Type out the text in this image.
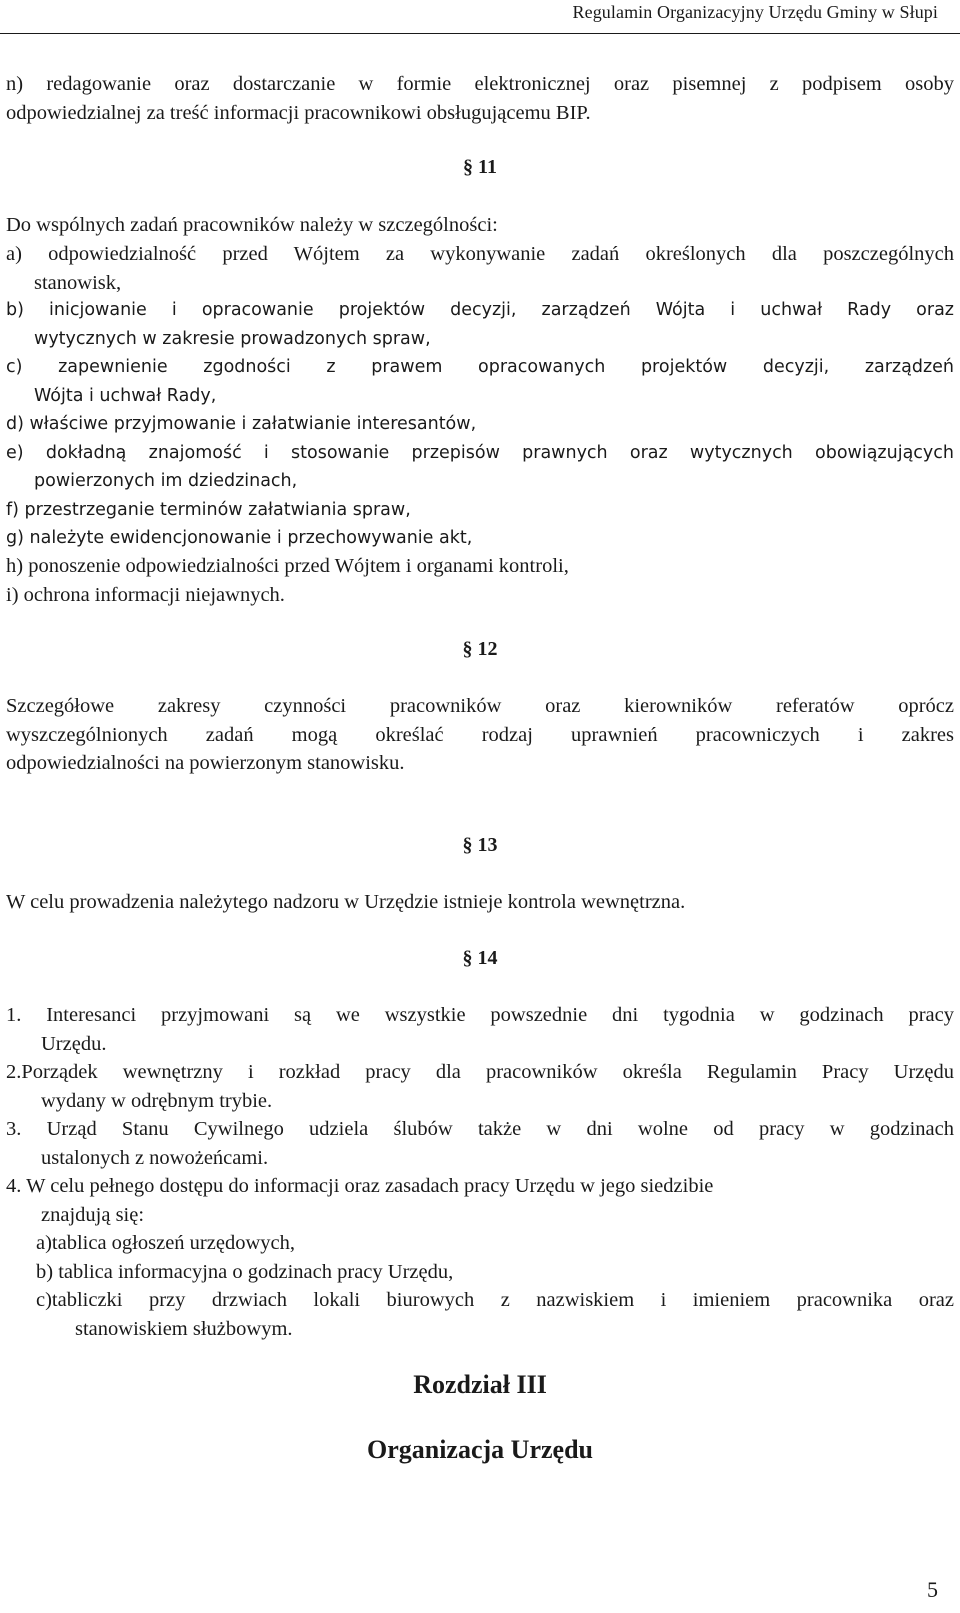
Regulamin Organizacyjny Urzędu Gminy w Słupi
n) redagowanie oraz dostarczanie w formie elektronicznej oraz pisemnej z podpisem osoby
odpowiedzialnej za treść informacji pracownikowi obsługującemu BIP.
§ 11
Do wspólnych zadań pracowników należy w szczególności:
a) odpowiedzialność przed Wójtem za wykonywanie zadań określonych dla poszczególnych
stanowisk,
b) inicjowanie i opracowanie projektów decyzji, zarządzeń Wójta i uchwał Rady oraz
wytycznych w zakresie prowadzonych spraw,
c) zapewnienie zgodności z prawem opracowanych projektów decyzji, zarządzeń
Wójta i uchwał Rady,
d) właściwe przyjmowanie i załatwianie interesantów,
e) dokładną znajomość i stosowanie przepisów prawnych oraz wytycznych obowiązujących
powierzonych im dziedzinach,
f) przestrzeganie terminów załatwiania spraw,
g) należyte ewidencjonowanie i przechowywanie akt,
h) ponoszenie odpowiedzialności przed Wójtem i organami kontroli,
i) ochrona informacji niejawnych.
§ 12
Szczegółowe zakresy czynności pracowników oraz kierowników referatów oprócz
wyszczególnionych zadań mogą określać rodzaj uprawnień pracowniczych i zakres
odpowiedzialności na powierzonym stanowisku.
§ 13
W celu prowadzenia należytego nadzoru w Urzędzie istnieje kontrola wewnętrzna.
§ 14
1. Interesanci przyjmowani są we wszystkie powszednie dni tygodnia w godzinach pracy
Urzędu.
2.Porządek wewnętrzny i rozkład pracy dla pracowników określa Regulamin Pracy Urzędu
wydany w odrębnym trybie.
3. Urząd Stanu Cywilnego udziela ślubów także w dni wolne od pracy w godzinach
ustalonych z nowożeńcami.
4. W celu pełnego dostępu do informacji oraz zasadach pracy Urzędu w jego siedzibie
znajdują się:
a)tablica ogłoszeń urzędowych,
b) tablica informacyjna o godzinach pracy Urzędu,
c)tabliczki przy drzwiach lokali biurowych z nazwiskiem i imieniem pracownika oraz
stanowiskiem służbowym.
Rozdział III
Organizacja Urzędu
5
